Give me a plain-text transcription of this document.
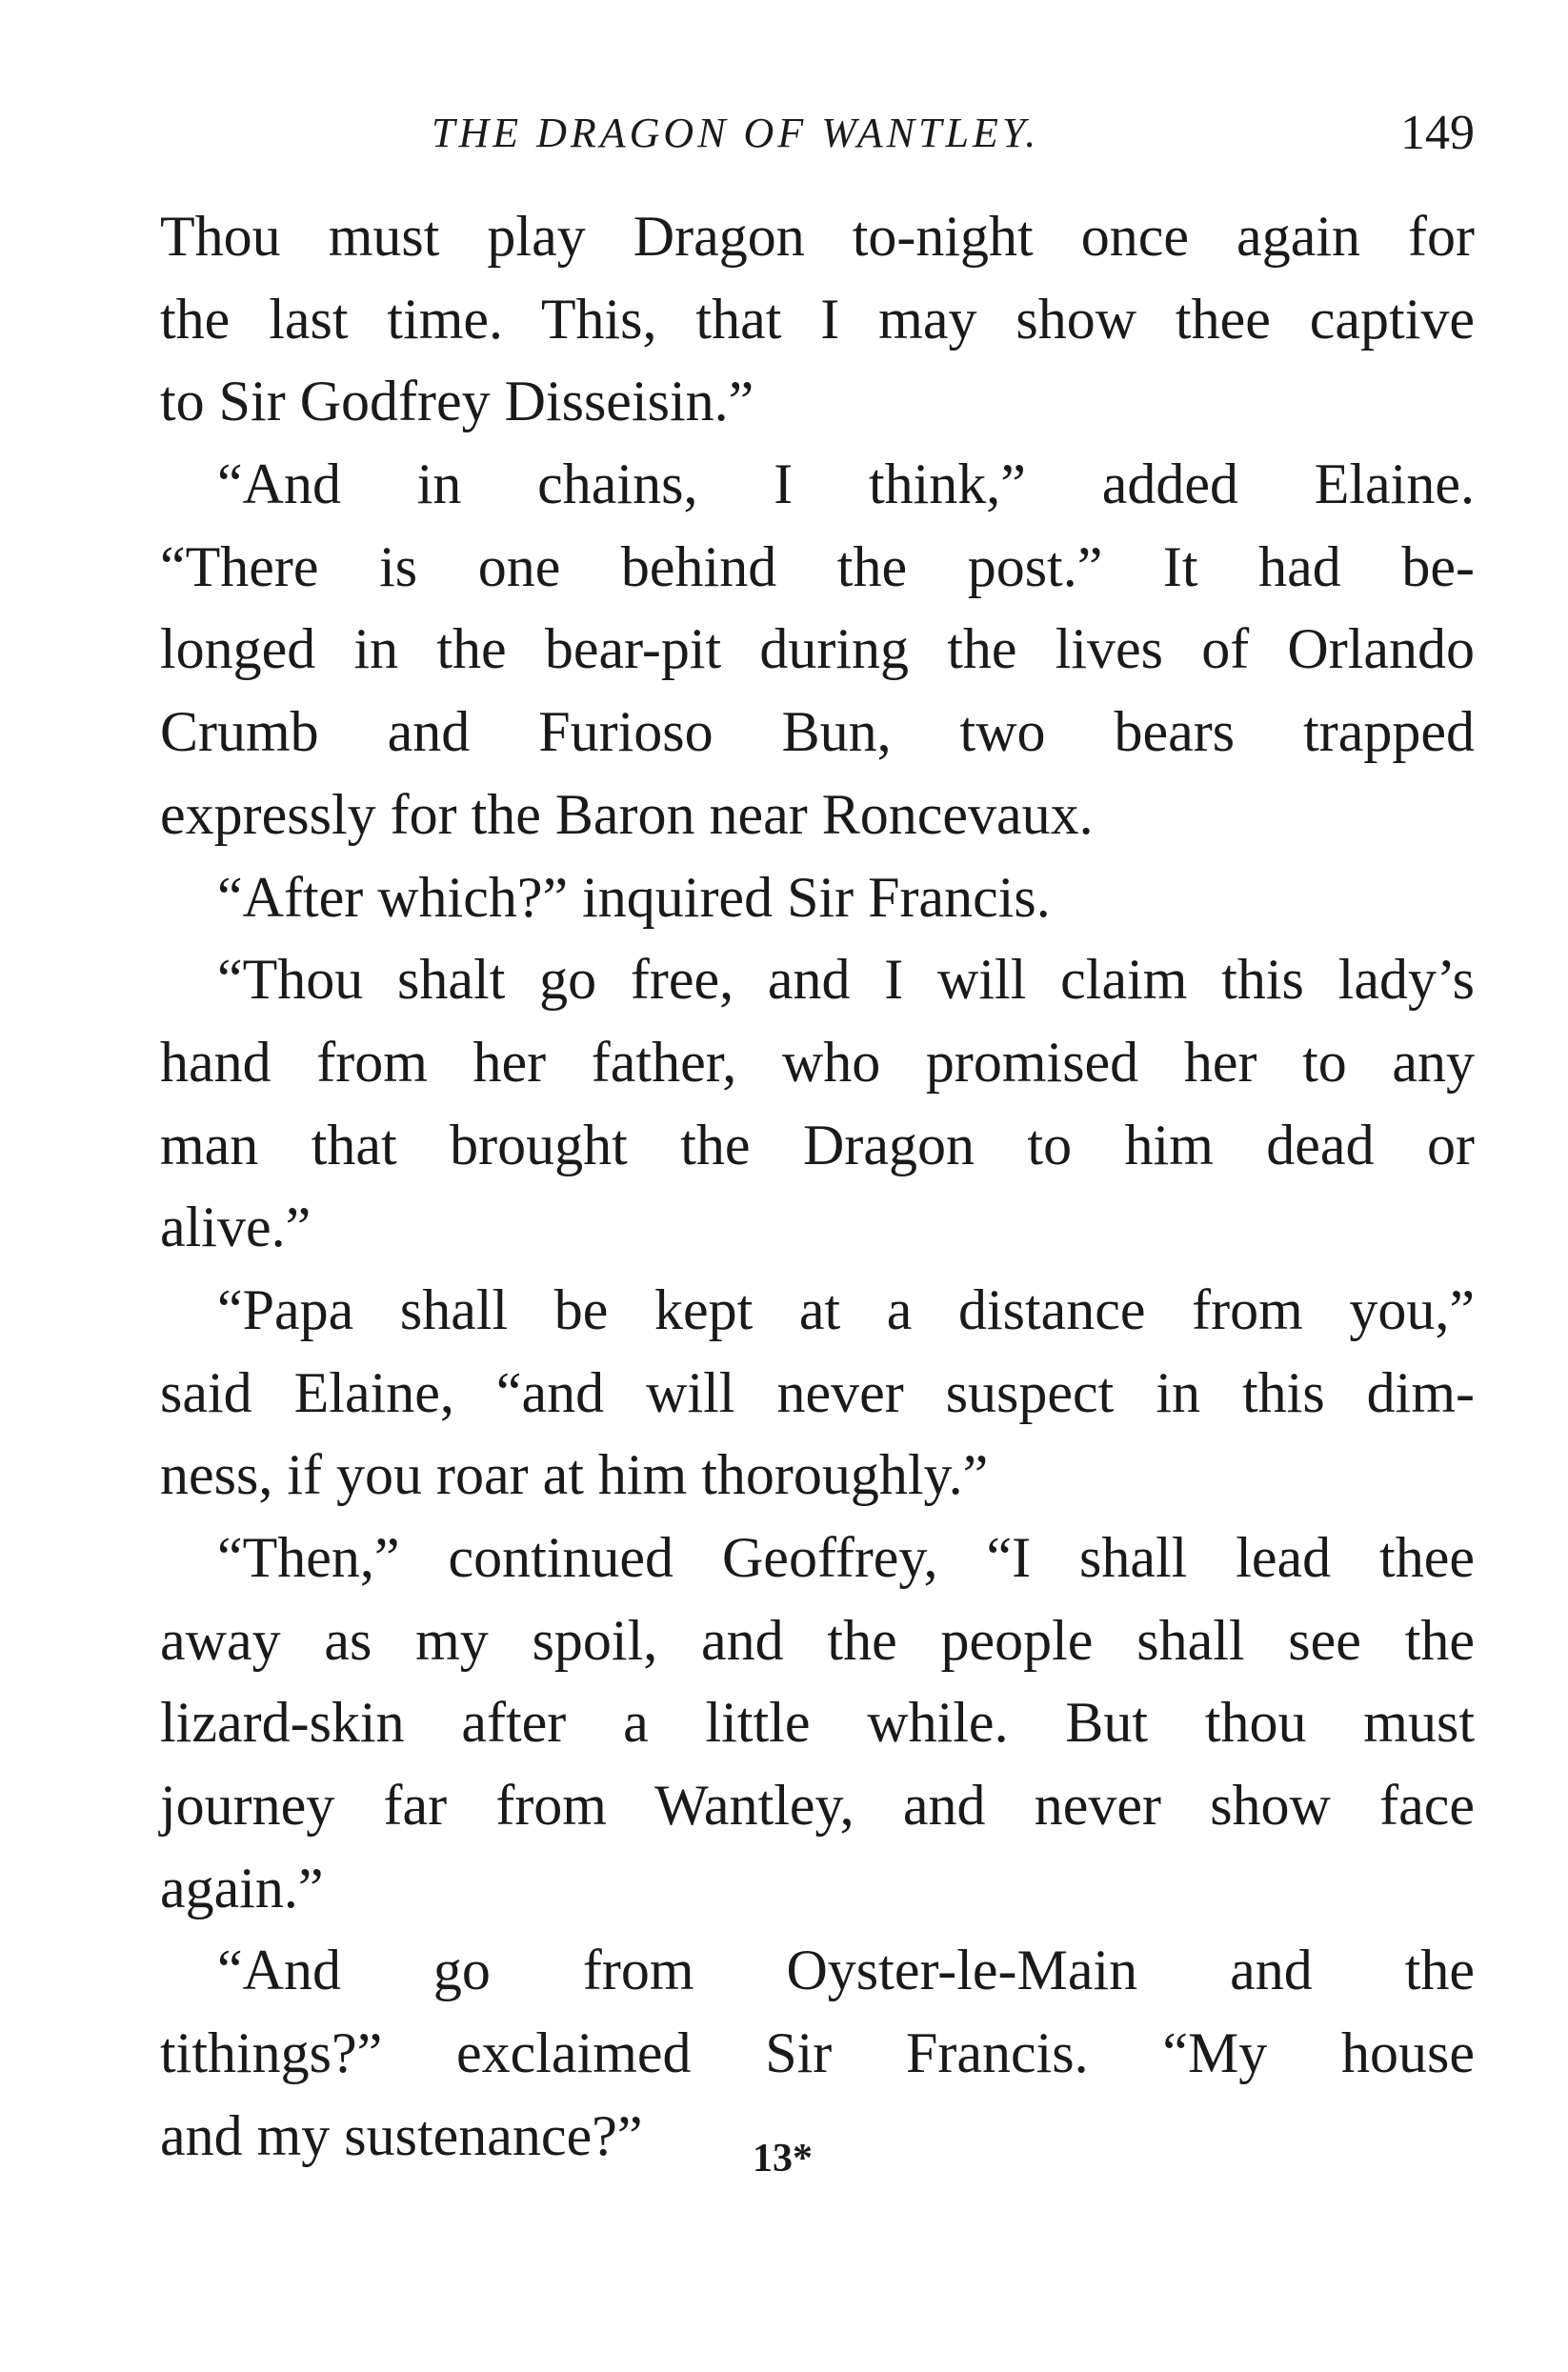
THE DRAGON OF WANTLEY.	149
Thou must play Dragon to-night once again for
the last time. This, that I may show thee captive
to Sir Godfrey Disseisin.”
“And in chains, I think,” added Elaine.
“There is one behind the post.” It had be-
longed in the bear-pit during the lives of Orlando
Crumb and Furioso Bun, two bears trapped
expressly for the Baron near Roncevaux.
“After which?” inquired Sir Francis.
“Thou shalt go free, and I will claim this lady’s
hand from her father, who promised her to any
man that brought the Dragon to him dead or
alive.”
“Papa shall be kept at a distance from you,”
said Elaine, “and will never suspect in this dim-
ness, if you roar at him thoroughly.”
“Then,” continued Geoffrey, “I shall lead thee
away as my spoil, and the people shall see the
lizard-skin after a little while. But thou must
journey far from Wantley, and never show face
again.”
“And go from Oyster-le-Main and the
tithings?” exclaimed Sir Francis. “My house
and my sustenance?”	13*
